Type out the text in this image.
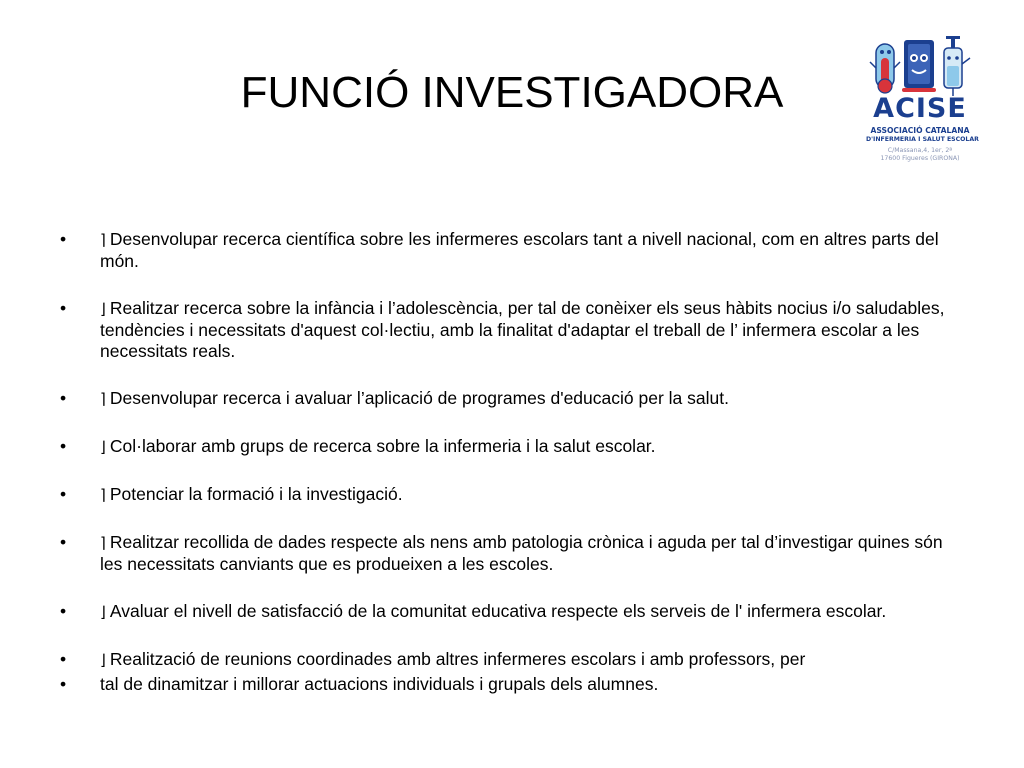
FUNCIÓ INVESTIGADORA	ACISE
ASSOCIACIÓ CATALANA
D'INFERMERIA I SALUT ESCOLAR
C/Massana,4, 1er, 2ª
17600 Figueres (GIRONA)
•	⌉ Desenvolupar recerca científica sobre les infermeres escolars tant a nivell nacional, com en altres parts del món.
•	⌋ Realitzar recerca sobre la infància i l’adolescència, per tal de conèixer els seus hàbits nocius i/o saludables, tendències i necessitats d'aquest col·lectiu, amb la finalitat d'adaptar el treball de l’ infermera escolar a les necessitats reals.
•	⌉ Desenvolupar recerca i avaluar l’aplicació de programes d'educació per la salut.
•	⌋ Col·laborar amb grups de recerca sobre la infermeria i la salut escolar.
•	⌉ Potenciar la formació i la investigació.
•	⌉ Realitzar recollida de dades respecte als nens amb patologia crònica i aguda per tal d’investigar quines són les necessitats canviants que es produeixen a les escoles.
•	⌋ Avaluar el nivell de satisfacció de la comunitat educativa respecte els serveis de l' infermera escolar.
•	⌋ Realització de reunions coordinades amb altres infermeres escolars i amb professors, per
•	tal de dinamitzar i millorar actuacions individuals i grupals dels alumnes.
